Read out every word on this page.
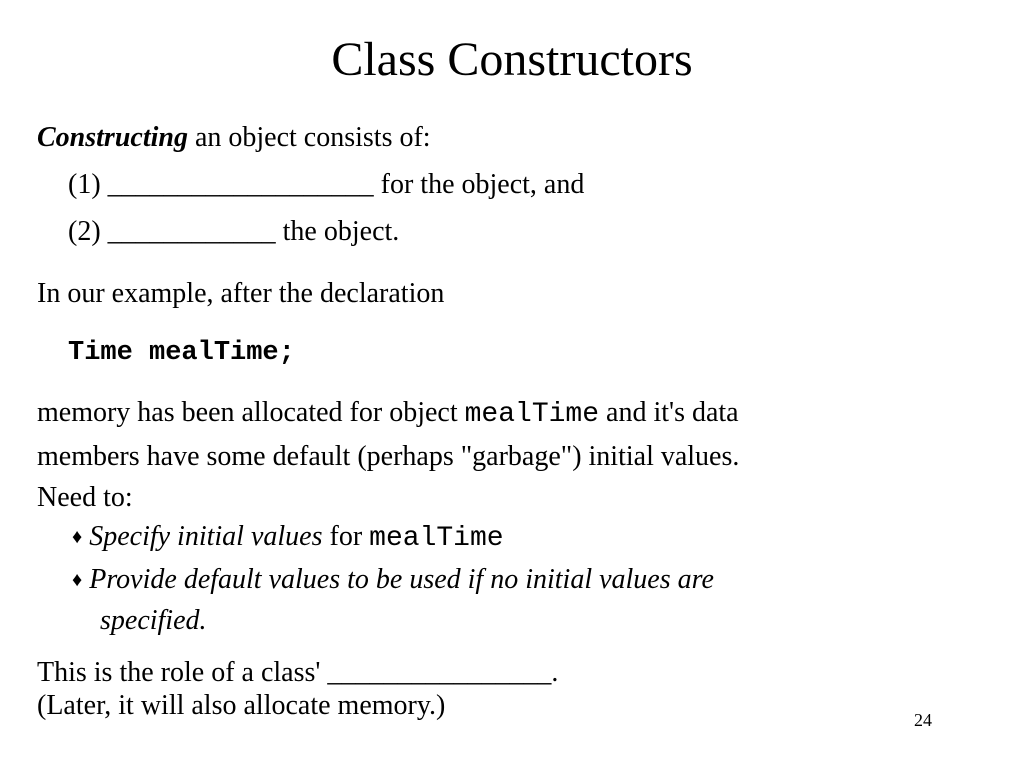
Class Constructors
Constructing an object consists of:
(1) ___________________ for the object, and
(2) ____________ the object.
In our example, after the declaration
Time mealTime;
memory has been allocated for object mealTime and it's data
members have some default (perhaps "garbage") initial values.
Need to:
♦ Specify initial values for mealTime
♦ Provide default values to be used if no initial values are
specified.
This is the role of a class' ________________.
(Later, it will also allocate memory.)	24
